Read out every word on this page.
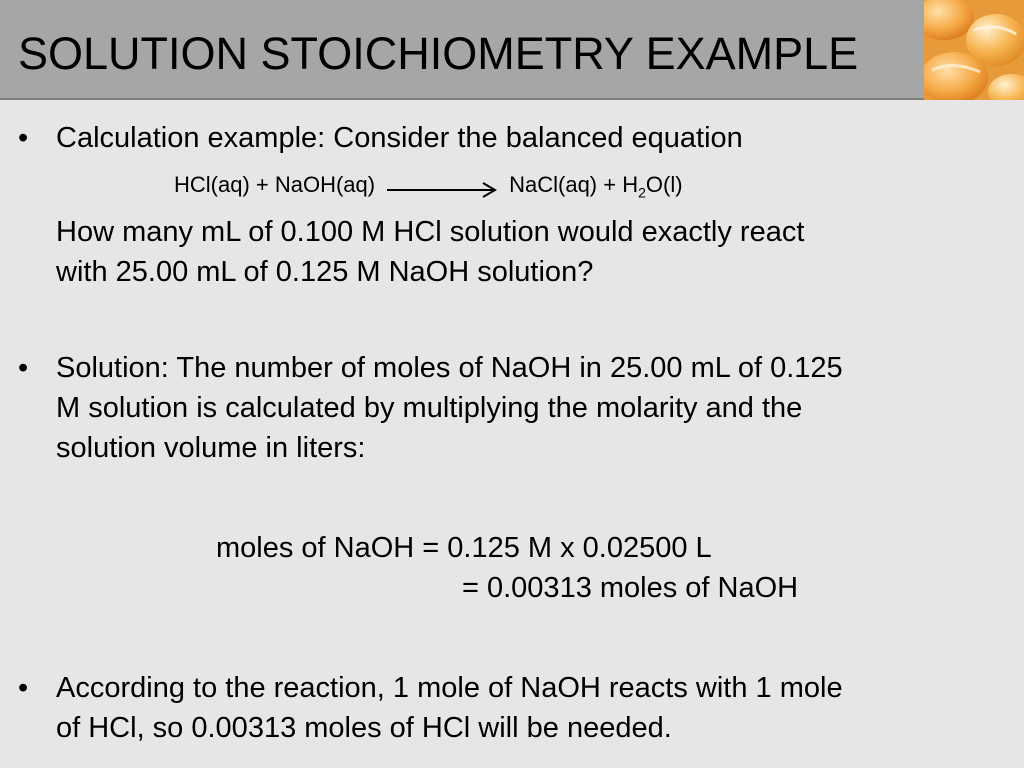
SOLUTION STOICHIOMETRY EXAMPLE
• Calculation example: Consider the balanced equation

HCl(aq) + NaOH(aq)	NaCl(aq) + $H_2O(l)$

How many mL of 0.100 M HCl solution would exactly react
with 25.00 mL of 0.125 M NaOH solution?

• Solution: The number of moles of NaOH in 25.00 mL of 0.125
M solution is calculated by multiplying the molarity and the
solution volume in liters:

moles of NaOH = 0.125 M x 0.02500 L
= 0.00313 moles of NaOH
• According to the reaction, 1 mole of NaOH reacts with 1 mole
of HCl, so 0.00313 moles of HCl will be needed.
